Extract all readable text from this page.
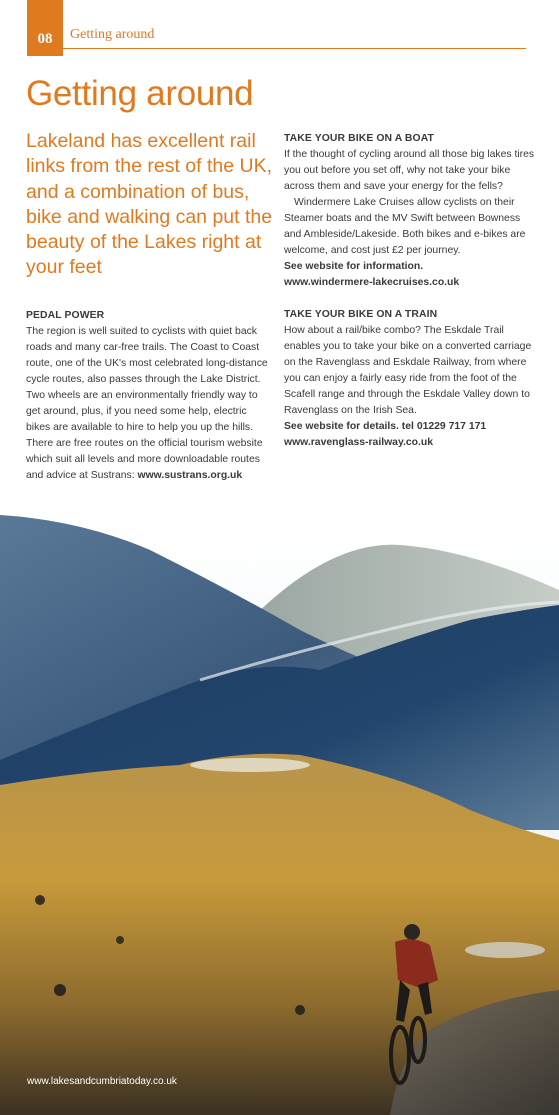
08 Getting around
Getting around

Lakeland has excellent rail links from the rest of the UK, and a combination of bus, bike and walking can put the beauty of the Lakes right at your feet

PEDAL POWER

The region is well suited to cyclists with quiet back roads and many car-free trails. The Coast to Coast route, one of the UK's most celebrated long-distance cycle routes, also passes through the Lake District. Two wheels are an environmentally friendly way to get around, plus, if you need some help, electric bikes are available to hire to help you up the hills. There are free routes on the official tourism website which suit all levels and more downloadable routes and advice at Sustrans: www.sustrans.org.uk

TAKE YOUR BIKE ON A BOAT

If the thought of cycling around all those big lakes tires you out before you set off, why not take your bike across them and save your energy for the fells?

Windermere Lake Cruises allow cyclists on their Steamer boats and the MV Swift between Bowness and Ambleside/Lakeside. Both bikes and e-bikes are welcome, and cost just £2 per journey.

See website for information.

www.windermere-lakecruises.co.uk

TAKE YOUR BIKE ON A TRAIN

How about a rail/bike combo? The Eskdale Trail enables you to take your bike on a converted carriage on the Ravenglass and Eskdale Railway, from where you can enjoy a fairly easy ride from the foot of the Scafell range and through the Eskdale Valley down to Ravenglass on the Irish Sea.

See website for details. tel 01229 717 171

www.ravenglass-railway.co.uk

www.lakesandcumbriatoday.co.uk
